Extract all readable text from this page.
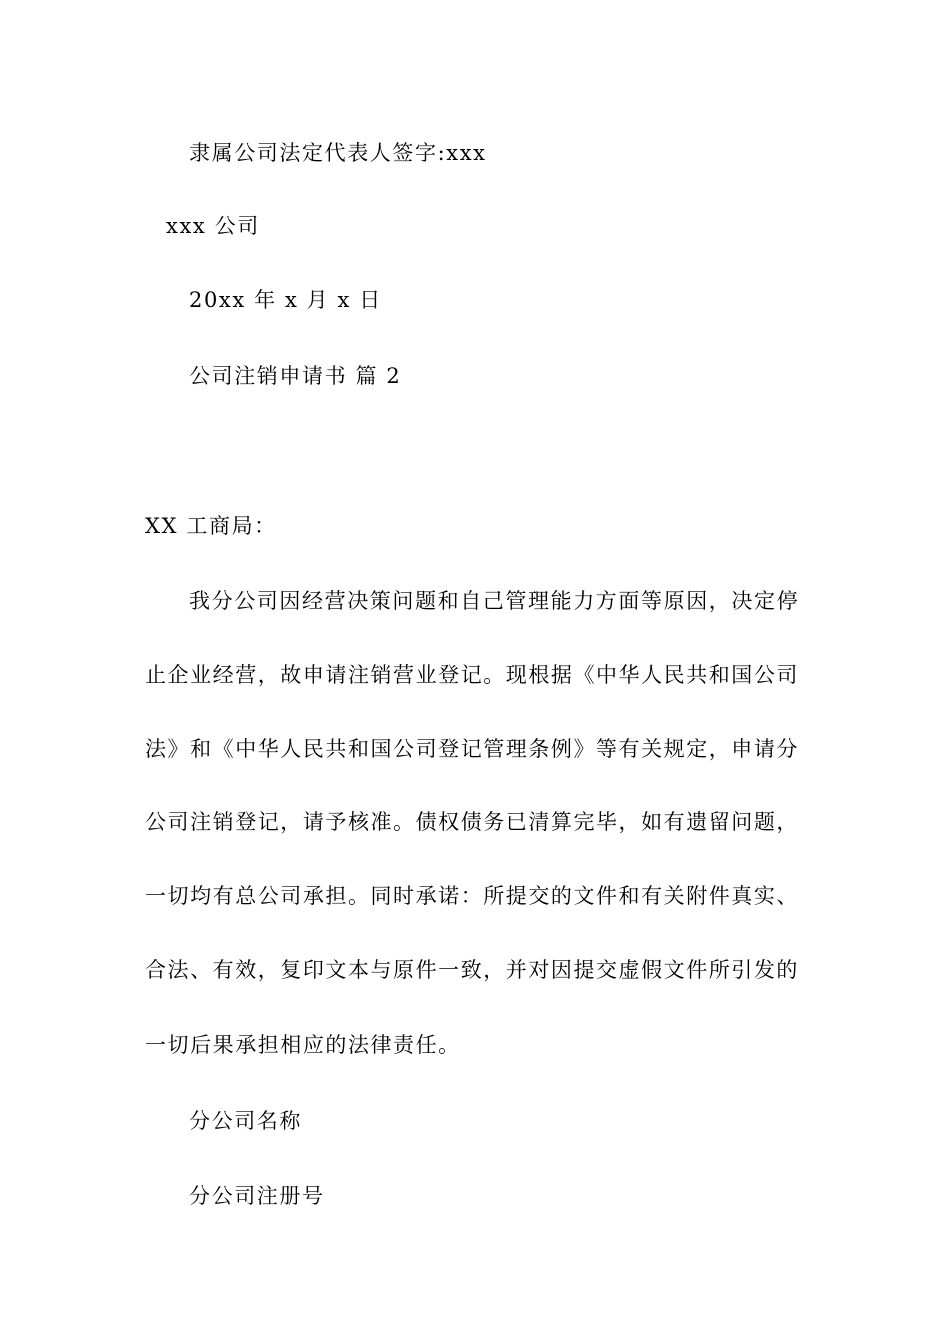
隶属公司法定代表人签字:xxx
xxx 公司
20xx 年 x 月 x 日
公司注销申请书 篇 2
XX 工商局：
我分公司因经营决策问题和自己管理能力方面等原因，决定停
止企业经营，故申请注销营业登记。现根据《中华人民共和国公司
法》和《中华人民共和国公司登记管理条例》等有关规定，申请分
公司注销登记，请予核准。债权债务已清算完毕，如有遗留问题，
一切均有总公司承担。同时承诺：所提交的文件和有关附件真实、
合法、有效，复印文本与原件一致，并对因提交虚假文件所引发的
一切后果承担相应的法律责任。
分公司名称
分公司注册号
